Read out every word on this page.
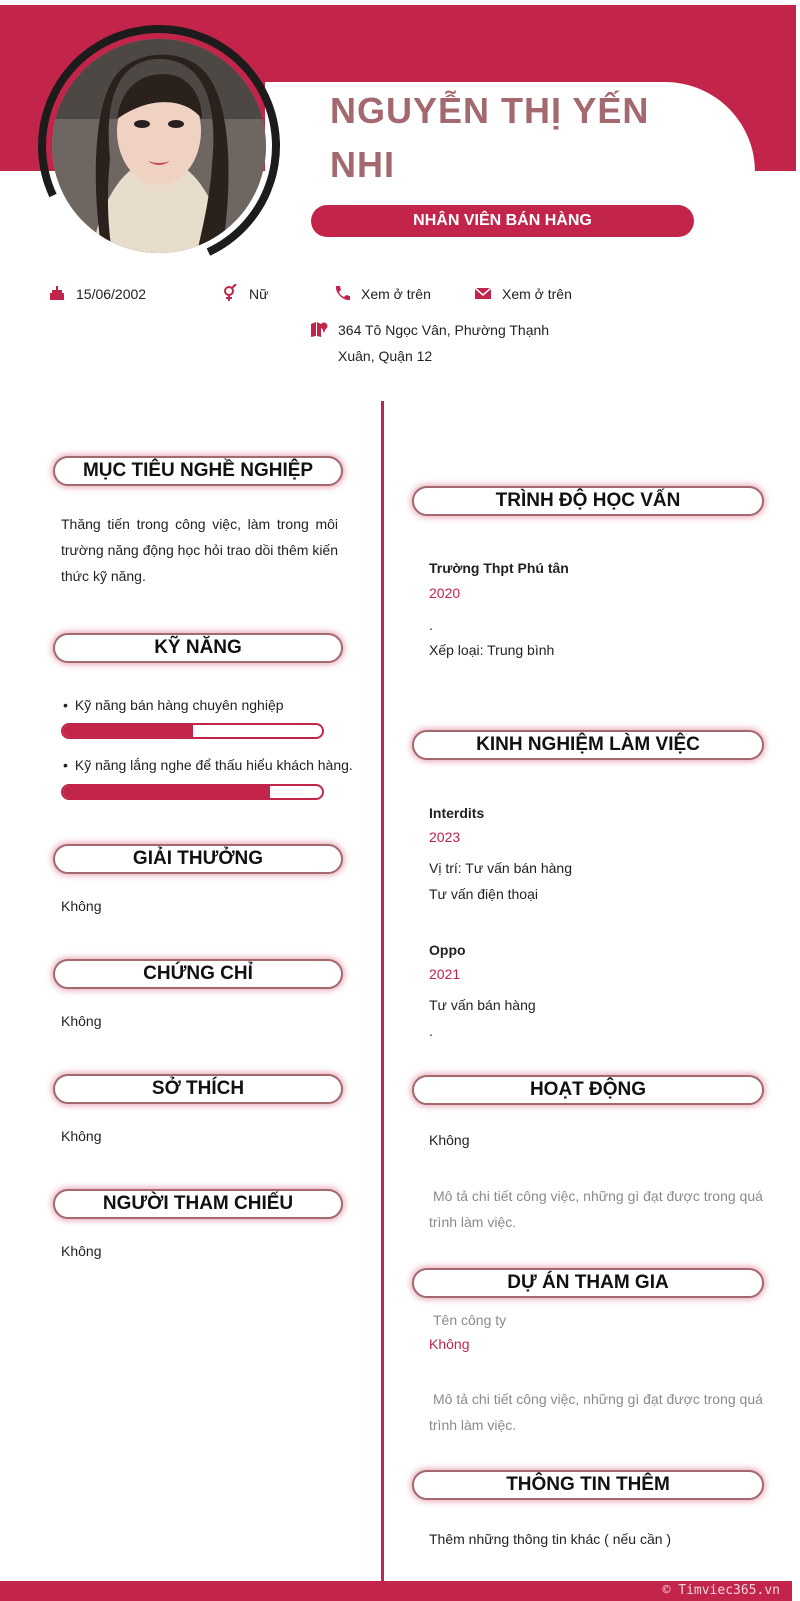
NGUYỄN THỊ YẾN NHI
NHÂN VIÊN BÁN HÀNG
15/06/2002	Nữ	Xem ở trên	Xem ở trên
364 Tô Ngọc Vân, Phường Thạnh Xuân, Quận 12
MỤC TIÊU NGHỀ NGHIỆP
Thăng tiến trong công việc, làm trong môi trường năng động học hỏi trao dồi thêm kiến thức kỹ năng.
KỸ NĂNG
• Kỹ năng bán hàng chuyên nghiệp
• Kỹ năng lắng nghe để thấu hiểu khách hàng.
GIẢI THƯỞNG
Không
CHỨNG CHỈ
Không
SỞ THÍCH
Không
NGƯỜI THAM CHIẾU
Không
TRÌNH ĐỘ HỌC VẤN
Trường Thpt Phú tân
2020
.
Xếp loại: Trung bình
KINH NGHIỆM LÀM VIỆC
Interdits
2023
Vị trí: Tư vấn bán hàng
Tư vấn điện thoại
Oppo
2021
Tư vấn bán hàng
.
HOẠT ĐỘNG
Không
Mô tả chi tiết công việc, những gì đạt được trong quá trình làm việc.
DỰ ÁN THAM GIA
Tên công ty
Không
Mô tả chi tiết công việc, những gì đạt được trong quá trình làm việc.
THÔNG TIN THÊM
Thêm những thông tin khác ( nếu cần )
© Timviec365.vn
